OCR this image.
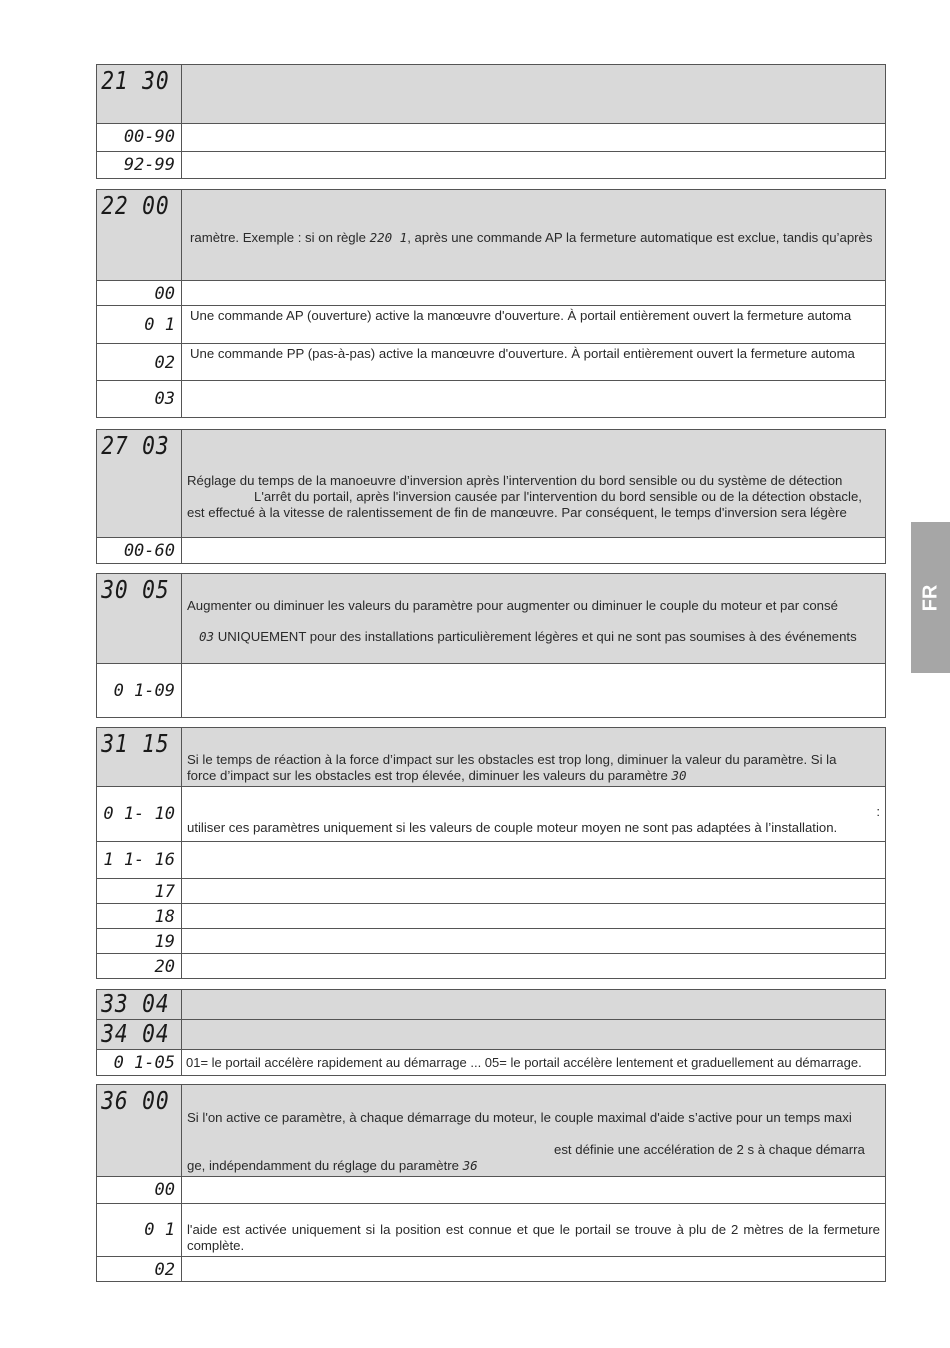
21 30	

00-90	

92-99	

22 00	ramètre. Exemple : si on règle 220 1, après une commande AP la fermeture automatique est exclue, tandis qu’après

00	

0 1	Une commande AP (ouverture) active la manœuvre d'ouverture. À portail entièrement ouvert la fermeture automa

02	Une commande PP (pas-à-pas) active la manœuvre d'ouverture. À portail entièrement ouvert la fermeture automa

03	

27 03	Réglage du temps de la manoeuvre d’inversion après l’intervention du bord sensible ou du système de détection
L'arrêt du portail, après l'inversion causée par l'intervention du bord sensible ou de la détection obstacle,
est effectué à la vitesse de ralentissement de fin de manœuvre. Par conséquent, le temps d'inversion sera légère

00-60	

30 05	Augmenter ou diminuer les valeurs du paramètre pour augmenter ou diminuer le couple du moteur et par consé
03 UNIQUEMENT pour des installations particulièrement légères et qui ne sont pas soumises à des événements

0 1-09	

31 15	Si le temps de réaction à la force d’impact sur les obstacles est trop long, diminuer la valeur du paramètre. Si la
force d’impact sur les obstacles est trop élevée, diminuer les valeurs du paramètre 30

0 1- 10	:
utiliser ces paramètres uniquement si les valeurs de couple moteur moyen ne sont pas adaptées à l’installation.

1 1- 16	

17	

18	

19	

20	

33 04	

34 04	

0 1-05	01= le portail accélère rapidement au démarrage ... 05= le portail accélère lentement et graduellement au démarrage.
36 00	Si l'on active ce paramètre, à chaque démarrage du moteur, le couple maximal d'aide s’active pour un temps maxi
est définie une accélération de 2 s à chaque démarra
ge, indépendamment du réglage du paramètre 36

00	

0 1	l'aide est activée uniquement si la position est connue et que le portail se trouve à plu de 2 mètres de la fermeture complète.

02	

FR
